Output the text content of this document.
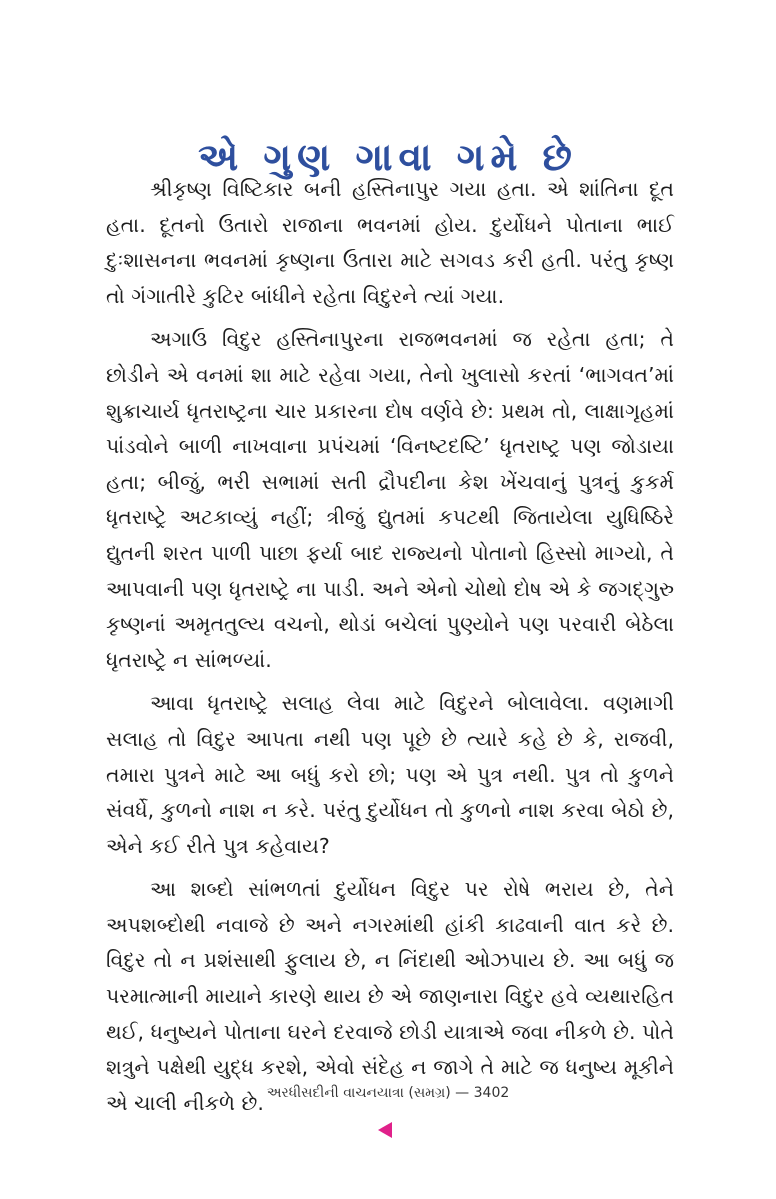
એ ગુણ ગાવા ગમે છે

શ્રીકૃષ્ણ વિષ્ટિકાર બની હસ્તિનાપુર ગયા હતા. એ શાંતિના દૂત હતા. દૂતનો ઉતારો રાજાના ભવનમાં હોય. દુર્યોધને પોતાના ભાઈ દુઃશાસનના ભવનમાં કૃષ્ણના ઉતારા માટે સગવડ કરી હતી. પરંતુ કૃષ્ણ તો ગંગાતીરે કુટિર બાંધીને રહેતા વિદુરને ત્યાં ગયા.

અગાઉ વિદુર હસ્તિનાપુરના રાજભવનમાં જ રહેતા હતા; તે છોડીને એ વનમાં શા માટે રહેવા ગયા, તેનો ખુલાસો કરતાં ‘ભાગવત’માં શુક્રાચાર્ય ધૃતરાષ્ટ્રના ચાર પ્રકારના દોષ વર્ણવે છે: પ્રથમ તો, લાક્ષાગૃહમાં પાંડવોને બાળી નાખવાના પ્રપંચમાં ‘વિનષ્ટદષ્ટિ’ ધૃતરાષ્ટ્ર પણ જોડાયા હતા; બીજું, ભરી સભામાં સતી દ્રૌપદીના કેશ ખેંચવાનું પુત્રનું કુકર્મ ધૃતરાષ્ટ્રે અટકાવ્યું નહીં; ત્રીજું દ્યુતમાં કપટથી જિતાયેલા યુધિષ્ઠિરે દ્યુતની શરત પાળી પાછા ફર્યા બાદ રાજ્યનો પોતાનો હિસ્સો માગ્યો, તે આપવાની પણ ધૃતરાષ્ટ્રે ના પાડી. અને એનો ચોથો દોષ એ કે જગદ્ગુરુ કૃષ્ણનાં અમૃતતુલ્ય વચનો, થોડાં બચેલાં પુણ્યોને પણ પરવારી બેઠેલા ધૃતરાષ્ટ્રે ન સાંભળ્યાં.

આવા ધૃતરાષ્ટ્રે સલાહ લેવા માટે વિદુરને બોલાવેલા. વણમાગી સલાહ તો વિદુર આપતા નથી પણ પૂછે છે ત્યારે કહે છે કે, રાજવી, તમારા પુત્રને માટે આ બધું કરો છો; પણ એ પુત્ર નથી. પુત્ર તો કુળને સંવર્ધે, કુળનો નાશ ન કરે. પરંતુ દુર્યોધન તો કુળનો નાશ કરવા બેઠો છે, એને કઈ રીતે પુત્ર કહેવાય?

આ શબ્દો સાંભળતાં દુર્યોધન વિદુર પર રોષે ભરાય છે, તેને અપશબ્દોથી નવાજે છે અને નગરમાંથી હાંકી કાઢવાની વાત કરે છે. વિદુર તો ન પ્રશંસાથી ફુલાય છે, ન નિંદાથી ઓઝપાય છે. આ બધું જ પરમાત્માની માયાને કારણે થાય છે એ જાણનારા વિદુર હવે વ્યથારહિત થઈ, ધનુષ્યને પોતાના ઘરને દરવાજે છોડી યાત્રાએ જવા નીકળે છે. પોતે શત્રુને પક્ષેથી યુદ્ધ કરશે, એવો સંદેહ ન જાગે તે માટે જ ધનુષ્ય મૂકીને એ ચાલી નીકળે છે. અરધીસદીની વાચનયાત્રા (સમગ્ર) — 3402
